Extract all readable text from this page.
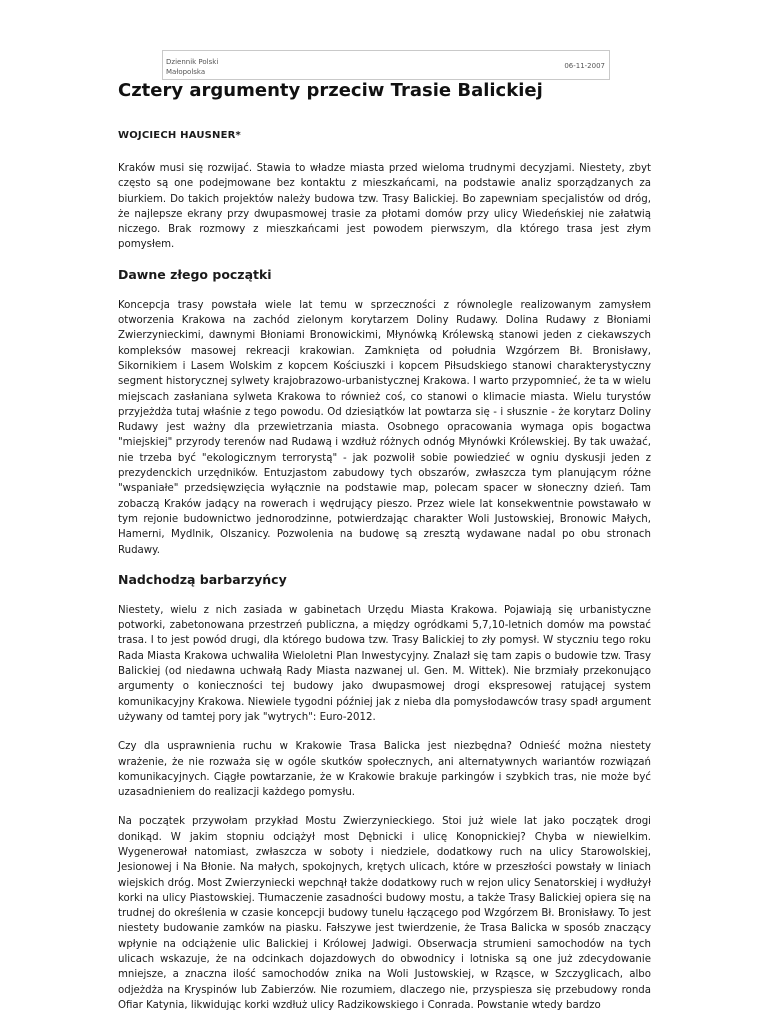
Dziennik Polski
Małopolska
06-11-2007
Cztery argumenty przeciw Trasie Balickiej

WOJCIECH HAUSNER*

Kraków musi się rozwijać. Stawia to władze miasta przed wieloma trudnymi decyzjami. Niestety, zbyt często są one podejmowane bez kontaktu z mieszkańcami, na podstawie analiz sporządzanych za biurkiem. Do takich projektów należy budowa tzw. Trasy Balickiej. Bo zapewniam specjalistów od dróg, że najlepsze ekrany przy dwupasmowej trasie za płotami domów przy ulicy Wiedeńskiej nie załatwią niczego. Brak rozmowy z mieszkańcami jest powodem pierwszym, dla którego trasa jest złym pomysłem.

Dawne złego początki

Koncepcja trasy powstała wiele lat temu w sprzeczności z równolegle realizowanym zamysłem otworzenia Krakowa na zachód zielonym korytarzem Doliny Rudawy. Dolina Rudawy z Błoniami Zwierzynieckimi, dawnymi Błoniami Bronowickimi, Młynówką Królewską stanowi jeden z ciekawszych kompleksów masowej rekreacji krakowian. Zamknięta od południa Wzgórzem Bł. Bronisławy, Sikornikiem i Lasem Wolskim z kopcem Kościuszki i kopcem Piłsudskiego stanowi charakterystyczny segment historycznej sylwety krajobrazowo-urbanistycznej Krakowa. I warto przypomnieć, że ta w wielu miejscach zasłaniana sylweta Krakowa to również coś, co stanowi o klimacie miasta. Wielu turystów przyjeżdża tutaj właśnie z tego powodu. Od dziesiątków lat powtarza się - i słusznie - że korytarz Doliny Rudawy jest ważny dla przewietrzania miasta. Osobnego opracowania wymaga opis bogactwa "miejskiej" przyrody terenów nad Rudawą i wzdłuż różnych odnóg Młynówki Królewskiej. By tak uważać, nie trzeba być "ekologicznym terrorystą" - jak pozwolił sobie powiedzieć w ogniu dyskusji jeden z prezydenckich urzędników. Entuzjastom zabudowy tych obszarów, zwłaszcza tym planującym różne "wspaniałe" przedsięwzięcia wyłącznie na podstawie map, polecam spacer w słoneczny dzień. Tam zobaczą Kraków jadący na rowerach i wędrujący pieszo. Przez wiele lat konsekwentnie powstawało w tym rejonie budownictwo jednorodzinne, potwierdzając charakter Woli Justowskiej, Bronowic Małych, Hamerni, Mydlnik, Olszanicy. Pozwolenia na budowę są zresztą wydawane nadal po obu stronach Rudawy.

Nadchodzą barbarzyńcy

Niestety, wielu z nich zasiada w gabinetach Urzędu Miasta Krakowa. Pojawiają się urbanistyczne potworki, zabetonowana przestrzeń publiczna, a między ogródkami 5,7,10-letnich domów ma powstać trasa. I to jest powód drugi, dla którego budowa tzw. Trasy Balickiej to zły pomysł. W styczniu tego roku Rada Miasta Krakowa uchwaliła Wieloletni Plan Inwestycyjny. Znalazł się tam zapis o budowie tzw. Trasy Balickiej (od niedawna uchwałą Rady Miasta nazwanej ul. Gen. M. Wittek). Nie brzmiały przekonująco argumenty o konieczności tej budowy jako dwupasmowej drogi ekspresowej ratującej system komunikacyjny Krakowa. Niewiele tygodni później jak z nieba dla pomysłodawców trasy spadł argument używany od tamtej pory jak "wytrych": Euro-2012.

Czy dla usprawnienia ruchu w Krakowie Trasa Balicka jest niezbędna? Odnieść można niestety wrażenie, że nie rozważa się w ogóle skutków społecznych, ani alternatywnych wariantów rozwiązań komunikacyjnych. Ciągłe powtarzanie, że w Krakowie brakuje parkingów i szybkich tras, nie może być uzasadnieniem do realizacji każdego pomysłu.

Na początek przywołam przykład Mostu Zwierzynieckiego. Stoi już wiele lat jako początek drogi donikąd. W jakim stopniu odciążył most Dębnicki i ulicę Konopnickiej? Chyba w niewielkim. Wygenerował natomiast, zwłaszcza w soboty i niedziele, dodatkowy ruch na ulicy Starowolskiej, Jesionowej i Na Błonie. Na małych, spokojnych, krętych ulicach, które w przeszłości powstały w liniach wiejskich dróg. Most Zwierzyniecki wepchnął także dodatkowy ruch w rejon ulicy Senatorskiej i wydłużył korki na ulicy Piastowskiej. Tłumaczenie zasadności budowy mostu, a także Trasy Balickiej opiera się na trudnej do określenia w czasie koncepcji budowy tunelu łączącego pod Wzgórzem Bł. Bronisławy. To jest niestety budowanie zamków na piasku. Fałszywe jest twierdzenie, że Trasa Balicka w sposób znaczący wpłynie na odciążenie ulic Balickiej i Królowej Jadwigi. Obserwacja strumieni samochodów na tych ulicach wskazuje, że na odcinkach dojazdowych do obwodnicy i lotniska są one już zdecydowanie mniejsze, a znaczna ilość samochodów znika na Woli Justowskiej, w Rząsce, w Szczyglicach, albo odjeżdża na Kryspinów lub Zabierzów. Nie rozumiem, dlaczego nie, przyspiesza się przebudowy ronda Ofiar Katynia, likwidując korki wzdłuż ulicy Radzikowskiego i Conrada. Powstanie wtedy bardzo
